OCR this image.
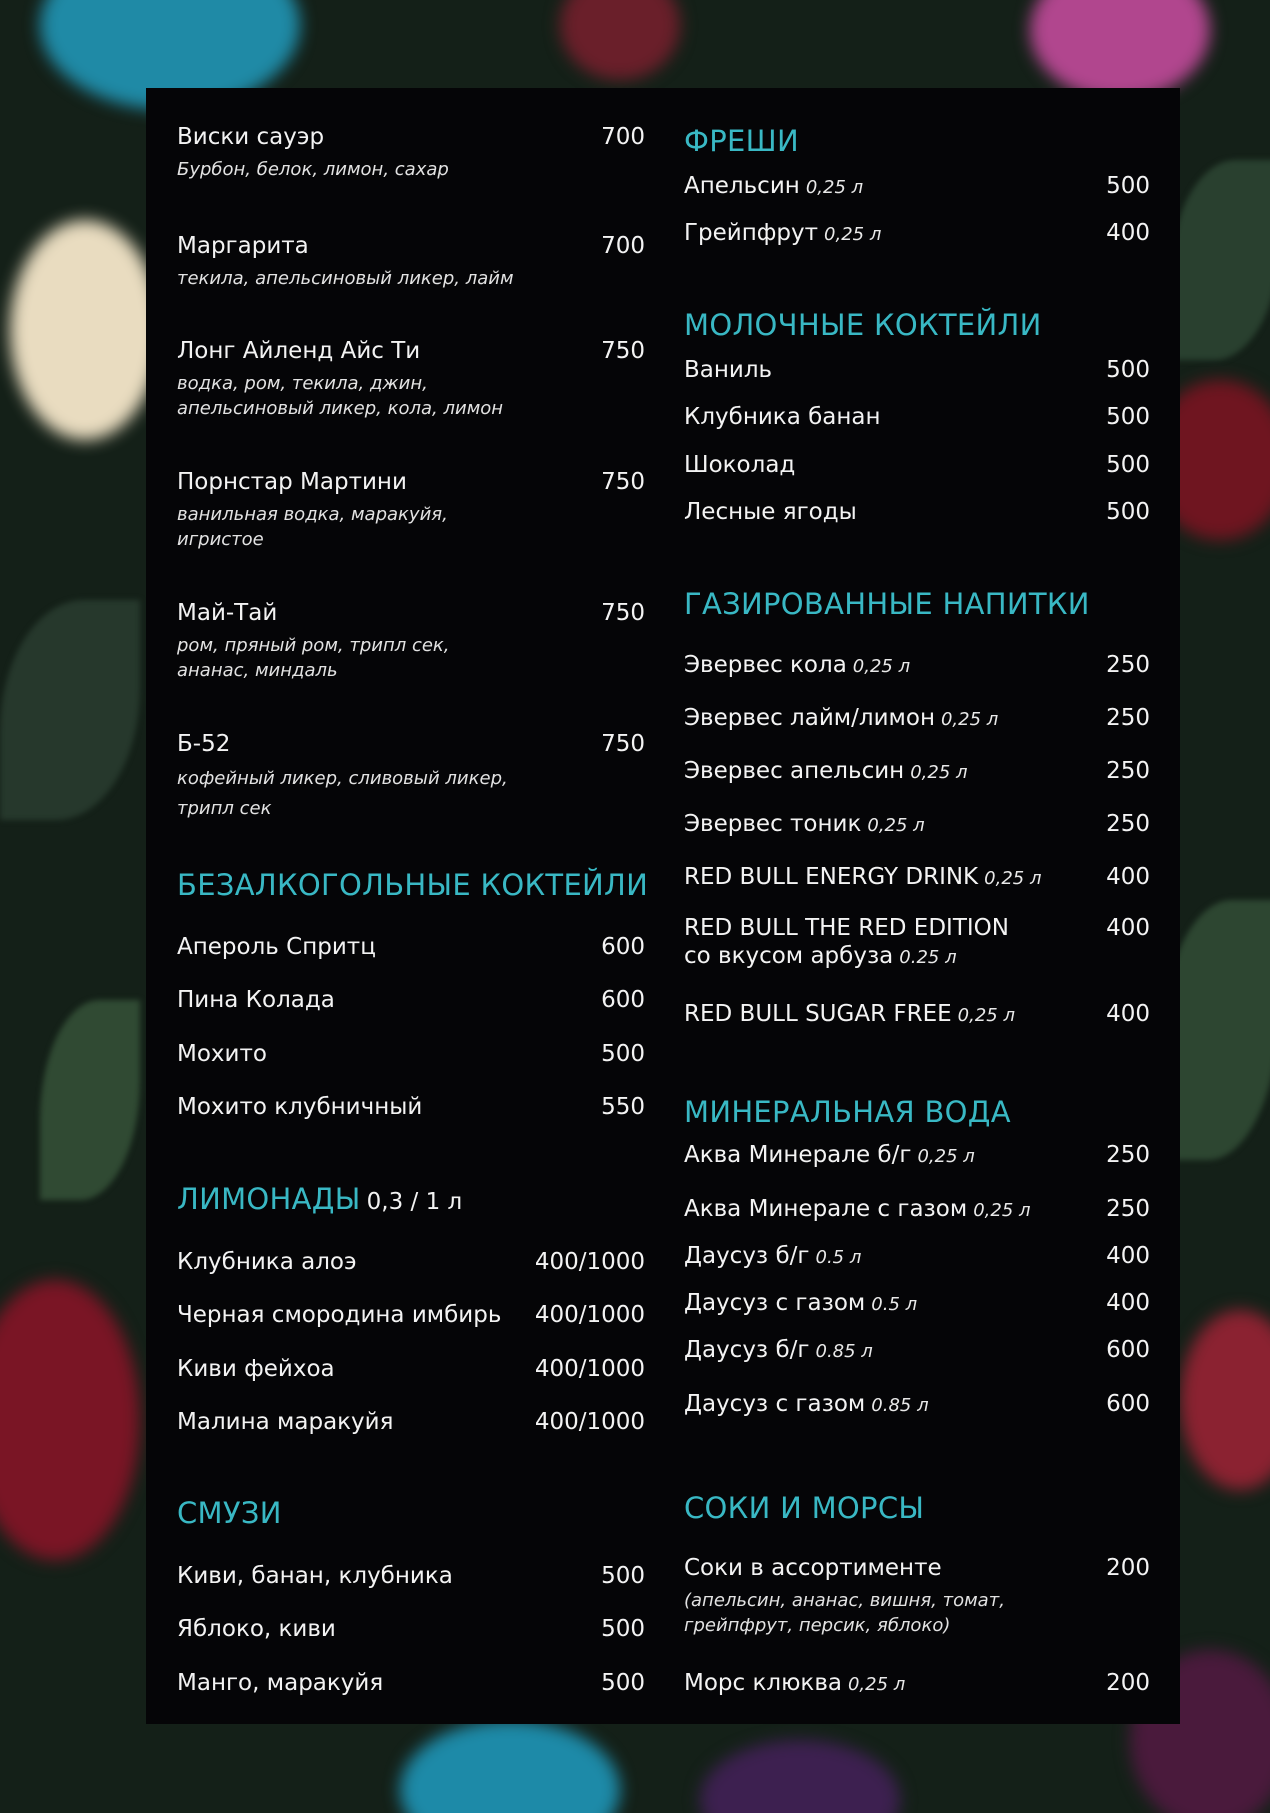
Виски сауэр	700
Бурбон, белок, лимон, сахар
Маргарита	700
текила, апельсиновый ликер, лайм
Лонг Айленд Айс Ти	750
водка, ром, текила, джин,
апельсиновый ликер, кола, лимон
Порнстар Мартини	750
ванильная водка, маракуйя,
игристое
Май-Тай	750
ром, пряный ром, трипл сек,
ананас, миндаль
Б-52	750
кофейный ликер, сливовый ликер,
трипл сек
БЕЗАЛКОГОЛЬНЫЕ КОКТЕЙЛИ
Апероль Спритц	600
Пина Колада	600
Мохито	500
Мохито клубничный	550
ЛИМОНАДЫ 0,3 / 1 л
Клубника алоэ	400/1000
Черная смородина имбирь 400/1000
Киви фейхоа	400/1000
Малина маракуйя	400/1000
СМУЗИ
Киви, банан, клубника	500
Яблоко, киви	500
Манго, маракуйя	500
ФРЕШИ
Апельсин 0,25 л	500
Грейпфрут 0,25 л	400
МОЛОЧНЫЕ КОКТЕЙЛИ
Ваниль	500
Клубника банан	500
Шоколад	500
Лесные ягоды	500
ГАЗИРОВАННЫЕ НАПИТКИ
Эвервес кола 0,25 л	250
Эвервес лайм/лимон 0,25 л	250
Эвервес апельсин 0,25 л	250
Эвервес тоник 0,25 л	250
RED BULL ENERGY DRINK 0,25 л	400
RED BULL THE RED EDITION	400
со вкусом арбуза 0.25 л
RED BULL SUGAR FREE 0,25 л	400
МИНЕРАЛЬНАЯ ВОДА
Аква Минерале б/г 0,25 л	250
Аква Минерале с газом 0,25 л	250
Даусуз б/г 0.5 л	400
Даусуз с газом 0.5 л	400
Даусуз б/г 0.85 л	600
Даусуз с газом 0.85 л	600
СОКИ И МОРСЫ
Соки в ассортименте	200
(апельсин, ананас, вишня, томат,
грейпфрут, персик, яблоко)
Морс клюква 0,25 л	200
